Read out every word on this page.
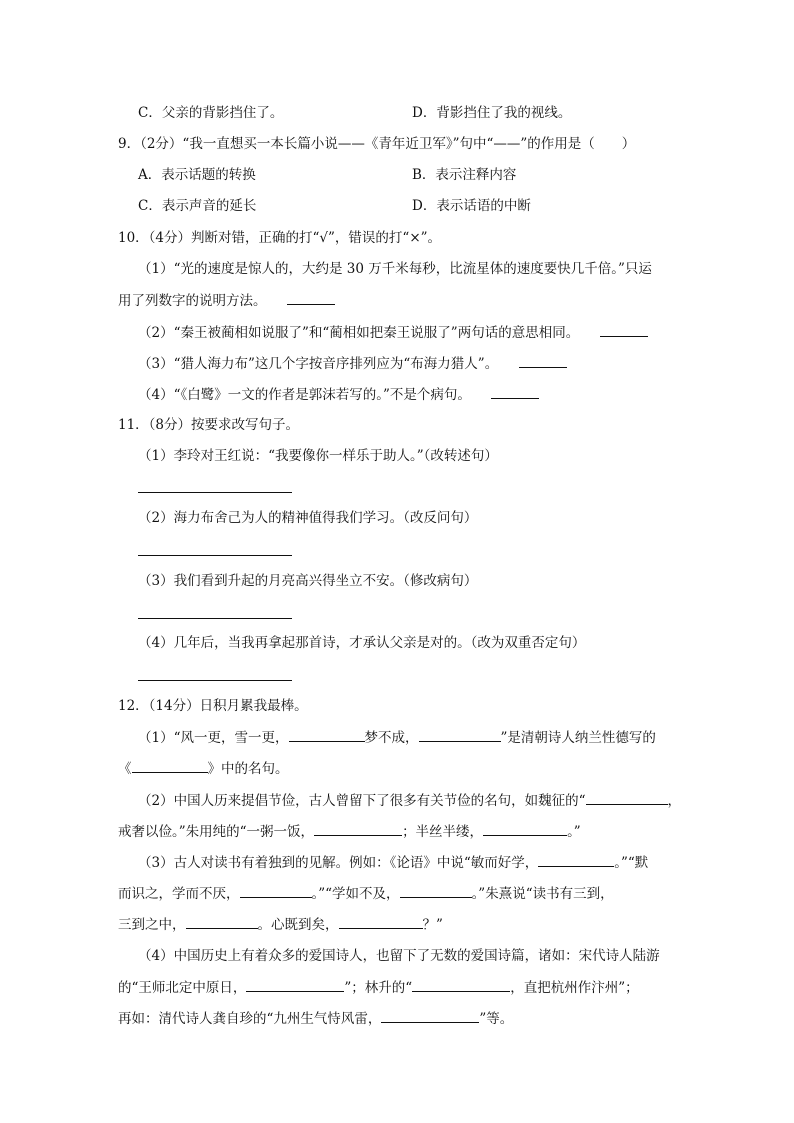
C．父亲的背影挡住了。	D．背影挡住了我的视线。
9．（2分）“我一直想买一本长篇小说——《青年近卫军》”句中“——”的作用是（　　）
A．表示话题的转换	B．表示注释内容
C．表示声音的延长	D．表示话语的中断
10．（4分）判断对错，正确的打“√”，错误的打“×”。
（1）“光的速度是惊人的，大约是 30 万千米每秒，比流星体的速度要快几千倍。”只运
用了列数字的说明方法。
（2）“秦王被蔺相如说服了”和“蔺相如把秦王说服了”两句话的意思相同。
（3）“猎人海力布”这几个字按音序排列应为“布海力猎人”。
（4）“《白鹭》一文的作者是郭沫若写的。”不是个病句。
11．（8分）按要求改写句子。
（1）李玲对王红说：“我要像你一样乐于助人。”（改转述句）
（2）海力布舍己为人的精神值得我们学习。（改反问句）
（3）我们看到升起的月亮高兴得坐立不安。（修改病句）
（4）几年后，当我再拿起那首诗，才承认父亲是对的。（改为双重否定句）
12．（14分）日积月累我最棒。
（1）“风一更，雪一更，	梦不成，	”是清朝诗人纳兰性德写的
《	》中的名句。
（2）中国人历来提倡节俭，古人曾留下了很多有关节俭的名句，如魏征的“	，
戒奢以俭。”朱用纯的“一粥一饭，	；半丝半缕，	。”
（3）古人对读书有着独到的见解。例如：《论语》中说“敏而好学，	。”“默
而识之，学而不厌，	。”“学如不及，	。”朱熹说“读书有三到，
三到之中，	。心既到矣，	？”
（4）中国历史上有着众多的爱国诗人，也留下了无数的爱国诗篇，诸如：宋代诗人陆游
的“王师北定中原日，	”；林升的“	，直把杭州作汴州”；
再如：清代诗人龚自珍的“九州生气恃风雷，	”等。
